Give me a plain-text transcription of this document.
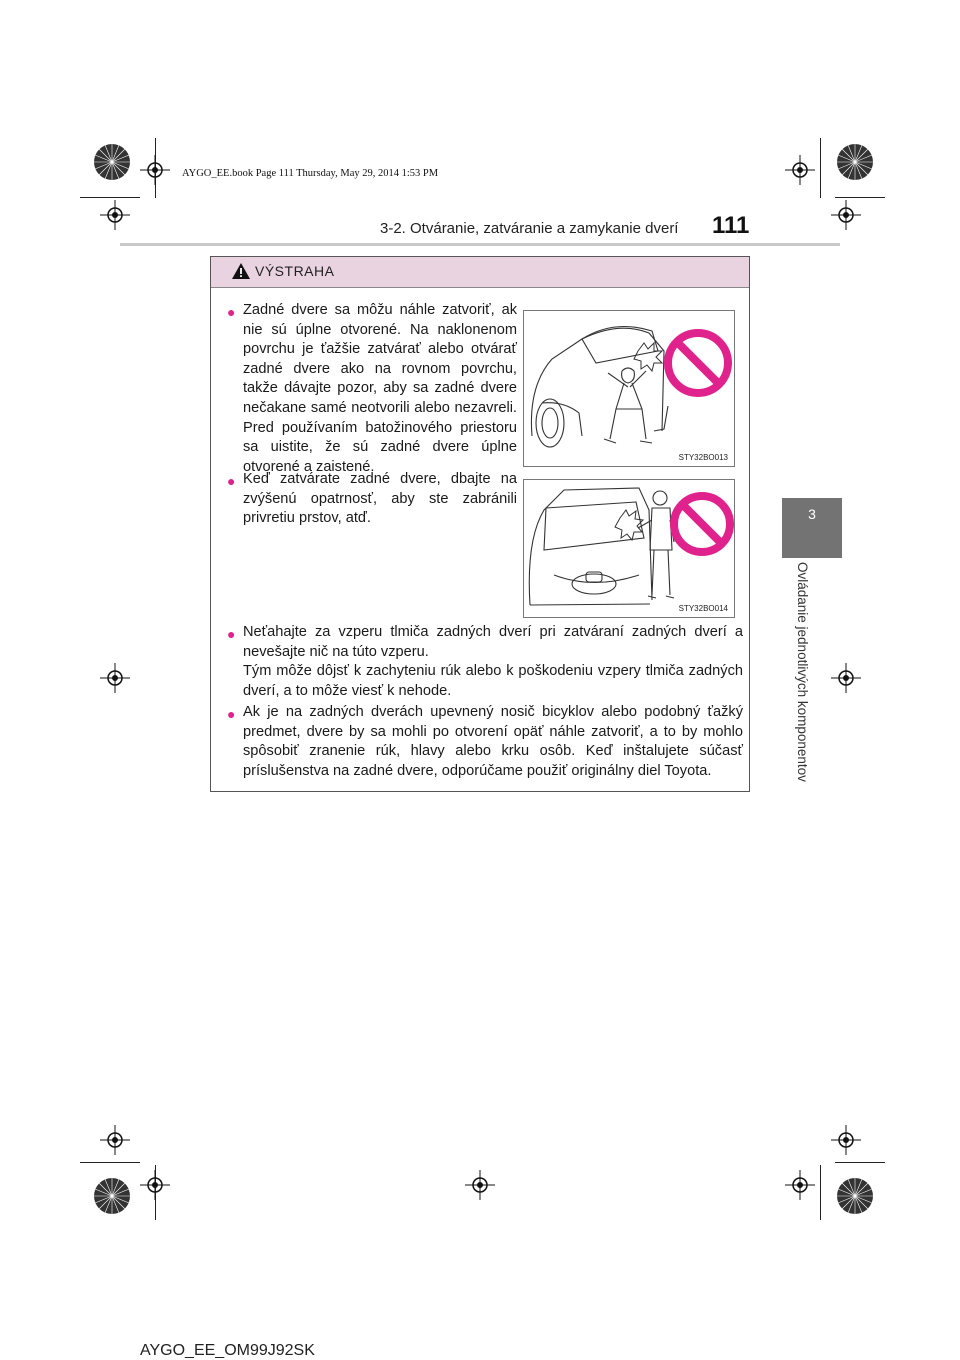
AYGO_EE.book Page 111 Thursday, May 29, 2014 1:53 PM
3-2. Otváranie, zatváranie a zamykanie dverí 111
3
Ovládanie jednotlivých komponentov
VÝSTRAHA
● Zadné dvere sa môžu náhle zatvoriť, ak nie sú úplne otvorené. Na naklonenom povrchu je ťažšie zatvárať alebo otvárať zadné dvere ako na rovnom povrchu, takže dávajte pozor, aby sa zadné dvere nečakane samé neotvorili alebo nezavreli. Pred používaním batožinového priestoru sa uistite, že sú zadné dvere úplne otvorené a zaistené.
STY32BO013
● Keď zatvárate zadné dvere, dbajte na zvýšenú opatrnosť, aby ste zabránili privretiu prstov, atď.
STY32BO014
● Neťahajte za vzperu tlmiča zadných dverí pri zatváraní zadných dverí a nevešajte nič na túto vzperu.
Tým môže dôjsť k zachyteniu rúk alebo k poškodeniu vzpery tlmiča zadných dverí, a to môže viesť k nehode.
● Ak je na zadných dverách upevnený nosič bicyklov alebo podobný ťažký predmet, dvere by sa mohli po otvorení opäť náhle zatvoriť, a to by mohlo spôsobiť zranenie rúk, hlavy alebo krku osôb. Keď inštalujete súčasť príslušenstva na zadné dvere, odporúčame použiť originálny diel Toyota.
AYGO_EE_OM99J92SK
